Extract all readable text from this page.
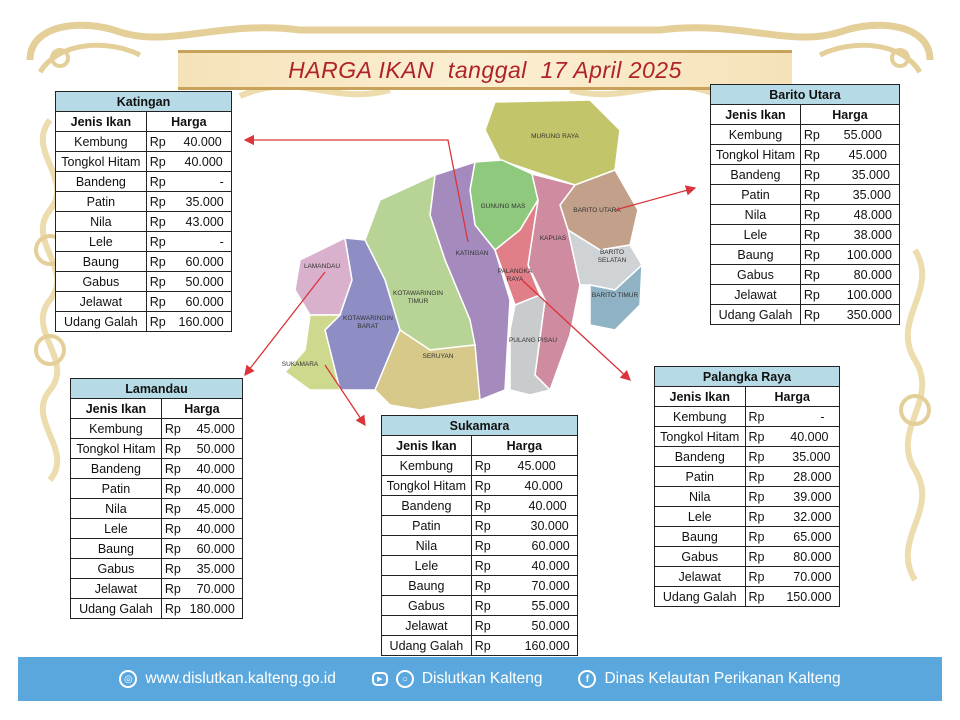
HARGA IKAN  tanggal  17 April 2025
MURUNG RAYA
GUNUNG MAS
BARITO UTARA
KATINGAN
KAPUAS
BARITO SELATAN
BARITO TIMUR
PALANGKA RAYA
PULANG PISAU
LAMANDAU
KOTAWARINGIN TIMUR
KOTAWARINGIN BARAT
SERUYAN
SUKAMARA
Katingan	
Jenis Ikan	Harga
Kembung	Rp 40.000
Tongkol Hitam	Rp 40.000
Bandeng	Rp -
Patin	Rp 35.000
Nila	Rp 43.000
Lele	Rp -
Baung	Rp 60.000
Gabus	Rp 50.000
Jelawat	Rp 60.000
Udang Galah	Rp 160.000
Barito Utara	
Jenis Ikan	Harga
Kembung	Rp 55.000
Tongkol Hitam	Rp 45.000
Bandeng	Rp 35.000
Patin	Rp 35.000
Nila	Rp 48.000
Lele	Rp 38.000
Baung	Rp 100.000
Gabus	Rp 80.000
Jelawat	Rp 100.000
Udang Galah	Rp 350.000
Lamandau	
Jenis Ikan	Harga
Kembung	Rp 45.000
Tongkol Hitam	Rp 50.000
Bandeng	Rp 40.000
Patin	Rp 40.000
Nila	Rp 45.000
Lele	Rp 40.000
Baung	Rp 60.000
Gabus	Rp 35.000
Jelawat	Rp 70.000
Udang Galah	Rp 180.000
Sukamara	
Jenis Ikan	Harga
Kembung	Rp 45.000
Tongkol Hitam	Rp 40.000
Bandeng	Rp 40.000
Patin	Rp 30.000
Nila	Rp 60.000
Lele	Rp 40.000
Baung	Rp 70.000
Gabus	Rp 55.000
Jelawat	Rp 50.000
Udang Galah	Rp 160.000
Palangka Raya	
Jenis Ikan	Harga
Kembung	Rp -
Tongkol Hitam	Rp 40.000
Bandeng	Rp 35.000
Patin	Rp 28.000
Nila	Rp 39.000
Lele	Rp 32.000
Baung	Rp 65.000
Gabus	Rp 80.000
Jelawat	Rp 70.000
Udang Galah	Rp 150.000
◎ www.dislutkan.kalteng.go.id	▶	○ Dislutkan Kalteng	f Dinas Kelautan Perikanan Kalteng
